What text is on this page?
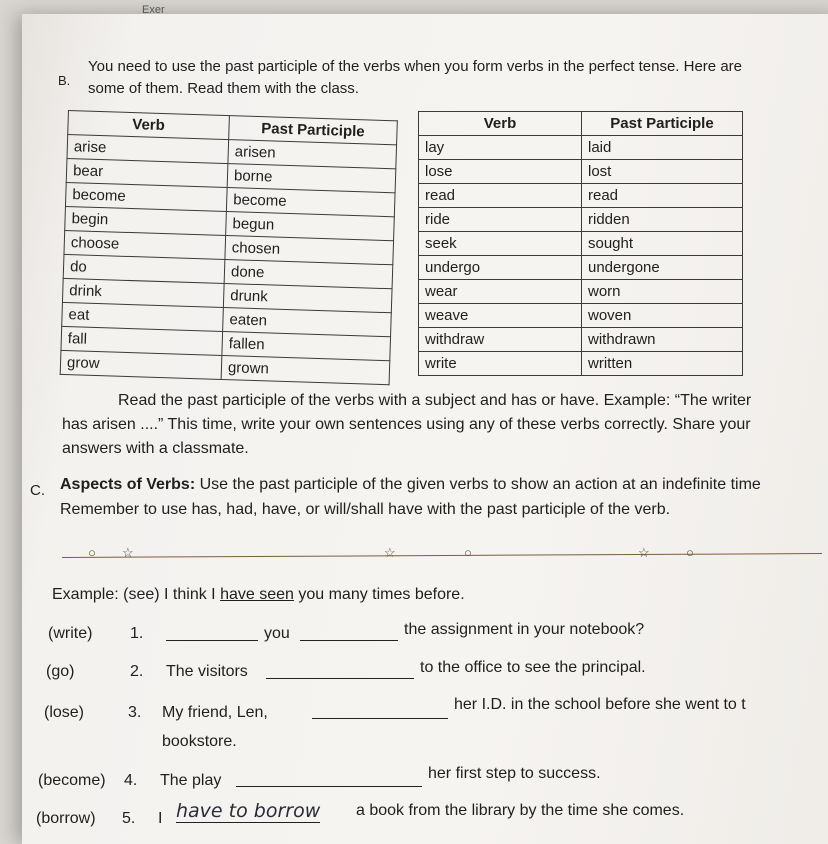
Exer
B.
You need to use the past participle of the verbs when you form verbs in the perfect tense. Here are
some of them. Read them with the class.
Verb	Past Participle
arise	arisen
bear	borne
become	become
begin	begun
choose	chosen
do	done
drink	drunk
eat	eaten
fall	fallen
grow	grown
Verb	Past Participle
lay	laid
lose	lost
read	read
ride	ridden
seek	sought
undergo	undergone
wear	worn
weave	woven
withdraw	withdrawn
write	written
Read the past participle of the verbs with a subject and has or have. Example: “The writer
has arisen ....” This time, write your own sentences using any of these verbs correctly. Share your
answers with a classmate.
C. Aspects of Verbs: Use the past participle of the given verbs to show an action at an indefinite time
Remember to use has, had, have, or will/shall have with the past participle of the verb.
○ ☆	☆	○	☆	○
Example: (see) I think I have seen you many times before.
(write) 1.	you	the assignment in your notebook?
(go)	2. The visitors	to the office to see the principal.
(lose)	3. My friend, Len,	her I.D. in the school before she went to t
bookstore.
(become) 4. The play	her first step to success.
(borrow) 5. I have to borrow a book from the library by the time she comes.
